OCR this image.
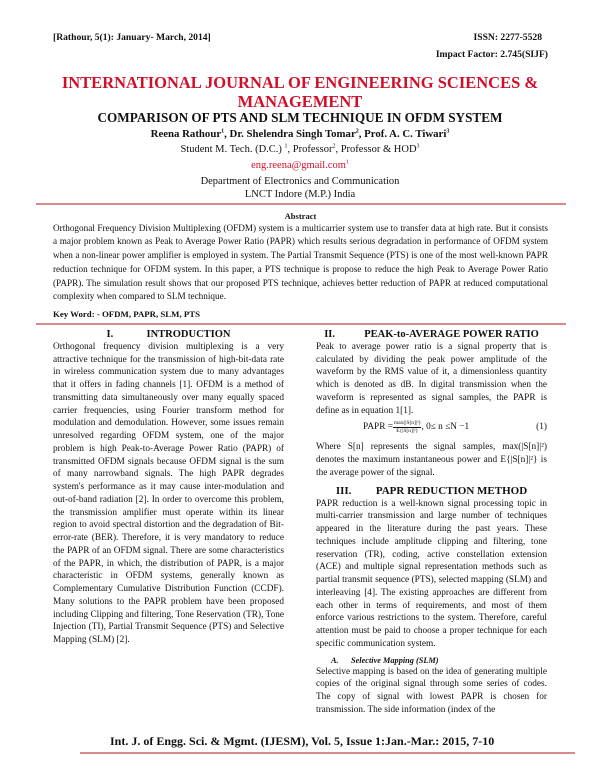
[Rathour, 5(1): January- March, 2014]	ISSN: 2277-5528
Impact Factor: 2.745(SIJF)
INTERNATIONAL JOURNAL OF ENGINEERING SCIENCES &
MANAGEMENT
COMPARISON OF PTS AND SLM TECHNIQUE IN OFDM SYSTEM
Reena Rathour$^1$, Dr. Shelendra Singh Tomar$^2$, Prof. A. C. Tiwari$^3$
Student M. Tech. (D.C.) $^1$, Professor$^2$, Professor & HOD$^3$
eng.reena@gmail.com$^1$
Department of Electronics and Communication
LNCT Indore (M.P.) India
Abstract
Orthogonal Frequency Division Multiplexing (OFDM) system is a multicarrier system use to transfer data at high rate. But it consists a major problem known as Peak to Average Power Ratio (PAPR) which results serious degradation in performance of OFDM system when a non-linear power amplifier is employed in system. The Partial Transmit Sequence (PTS) is one of the most well-known PAPR reduction technique for OFDM system. In this paper, a PTS technique is propose to reduce the high Peak to Average Power Ratio (PAPR). The simulation result shows that our proposed PTS technique, achieves better reduction of PAPR at reduced computational complexity when compared to SLM technique.
Key Word: - OFDM, PAPR, SLM, PTS
I.	INTRODUCTION
Orthogonal frequency division multiplexing is a very attractive technique for the transmission of high-bit-data rate in wireless communication system due to many advantages that it offers in fading channels [1]. OFDM is a method of transmitting data simultaneously over many equally spaced carrier frequencies, using Fourier transform method for modulation and demodulation. However, some issues remain unresolved regarding OFDM system, one of the major problem is high Peak-to-Average Power Ratio (PAPR) of transmitted OFDM signals because OFDM signal is the sum of many narrowband signals. The high PAPR degrades system's performance as it may cause inter-modulation and out-of-band radiation [2]. In order to overcome this problem, the transmission amplifier must operate within its linear region to avoid spectral distortion and the degradation of Bit-error-rate (BER). Therefore, it is very mandatory to reduce the PAPR of an OFDM signal. There are some characteristics of the PAPR, in which, the distribution of PAPR, is a major characteristic in OFDM systems, generally known as Complementary Cumulative Distribution Function (CCDF). Many solutions to the PAPR problem have been proposed including Clipping and filtering, Tone Reservation (TR), Tone Injection (TI), Partial Transmit Sequence (PTS) and Selective Mapping (SLM) [2].
II.	PEAK-to-AVERAGE POWER RATIO
Peak to average power ratio is a signal property that is calculated by dividing the peak power amplitude of the waveform by the RMS value of it, a dimensionless quantity which is denoted as dB. In digital transmission when the waveform is represented as signal samples, the PAPR is define as in equation 1[1].
PAPR = $\frac{\text{max(|S[n]|²)}}{\text{E\{|S[n]|²\}}}$ , 0≤ n ≤N −1	(1)
Where S[n] represents the signal samples, max(|S[n]|²) denotes the maximum instantaneous power and E{|S[n]|²} is the average power of the signal.
III. PAPR REDUCTION METHOD
PAPR reduction is a well-known signal processing topic in multi-carrier transmission and large number of techniques appeared in the literature during the past years. These techniques include amplitude clipping and filtering, tone reservation (TR), coding, active constellation extension (ACE) and multiple signal representation methods such as partial transmit sequence (PTS), selected mapping (SLM) and interleaving [4]. The existing approaches are different from each other in terms of requirements, and most of them enforce various restrictions to the system. Therefore, careful attention must be paid to choose a proper technique for each specific communication system.
A. Selective Mapping (SLM)
Selective mapping is based on the idea of generating multiple copies of the original signal through some series of codes. The copy of signal with lowest PAPR is chosen for transmission. The side information (index of the
Int. J. of Engg. Sci. & Mgmt. (IJESM), Vol. 5, Issue 1:Jan.-Mar.: 2015, 7-10
